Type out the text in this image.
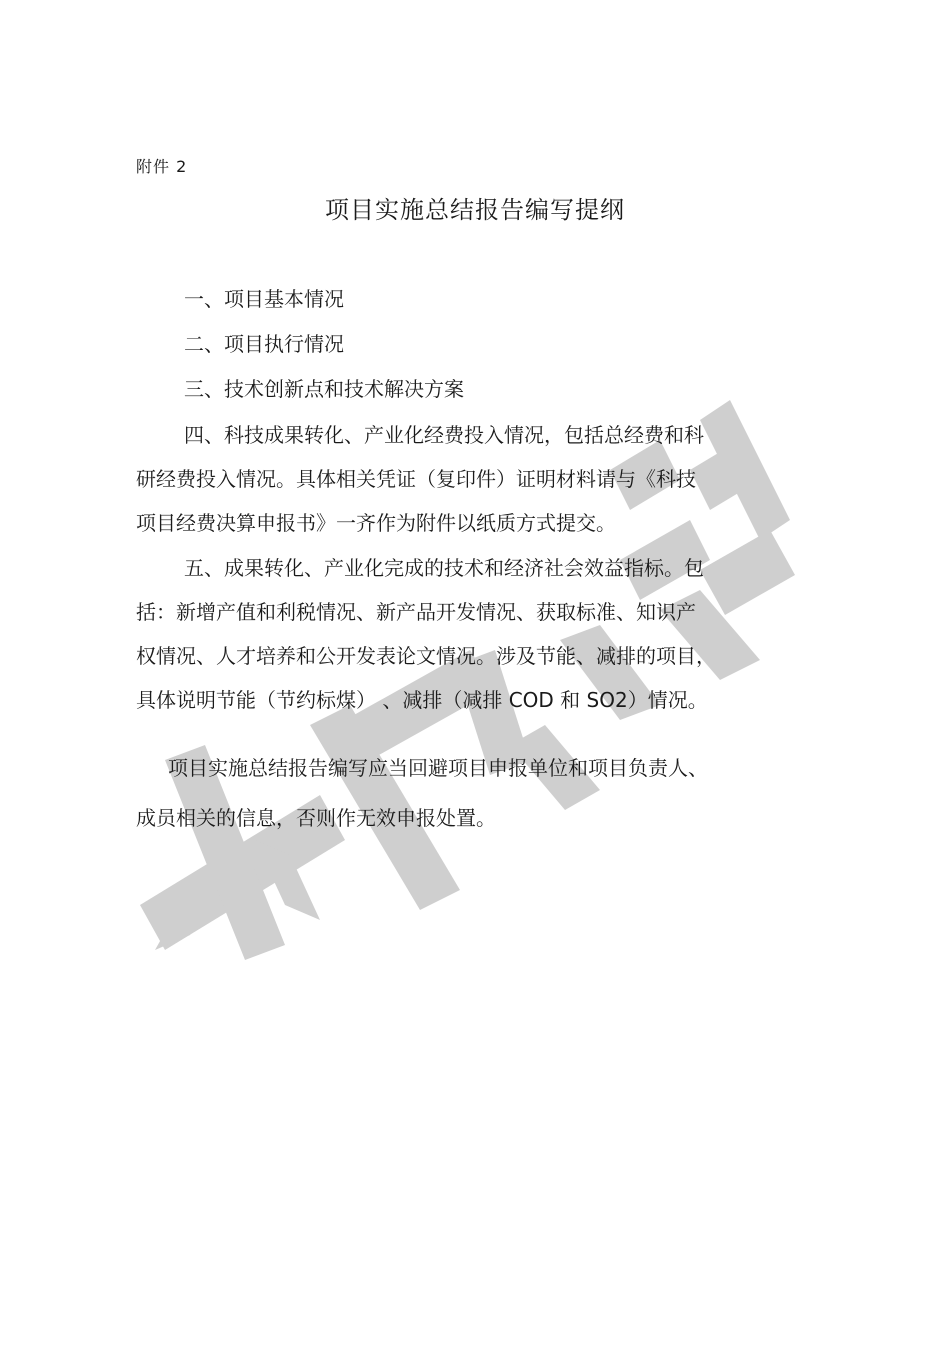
附件 2
项目实施总结报告编写提纲
一、项目基本情况
二、项目执行情况
三、技术创新点和技术解决方案
四、科技成果转化、产业化经费投入情况，包括总经费和科
研经费投入情况。具体相关凭证（复印件）证明材料请与《科技
项目经费决算申报书》一齐作为附件以纸质方式提交。
五、成果转化、产业化完成的技术和经济社会效益指标。包
括：新增产值和利税情况、新产品开发情况、获取标准、知识产
权情况、人才培养和公开发表论文情况。涉及节能、减排的项目，
具体说明节能（节约标煤） 、减排（减排 COD 和 SO2）情况。
项目实施总结报告编写应当回避项目申报单位和项目负责人、
成员相关的信息，否则作无效申报处置。
